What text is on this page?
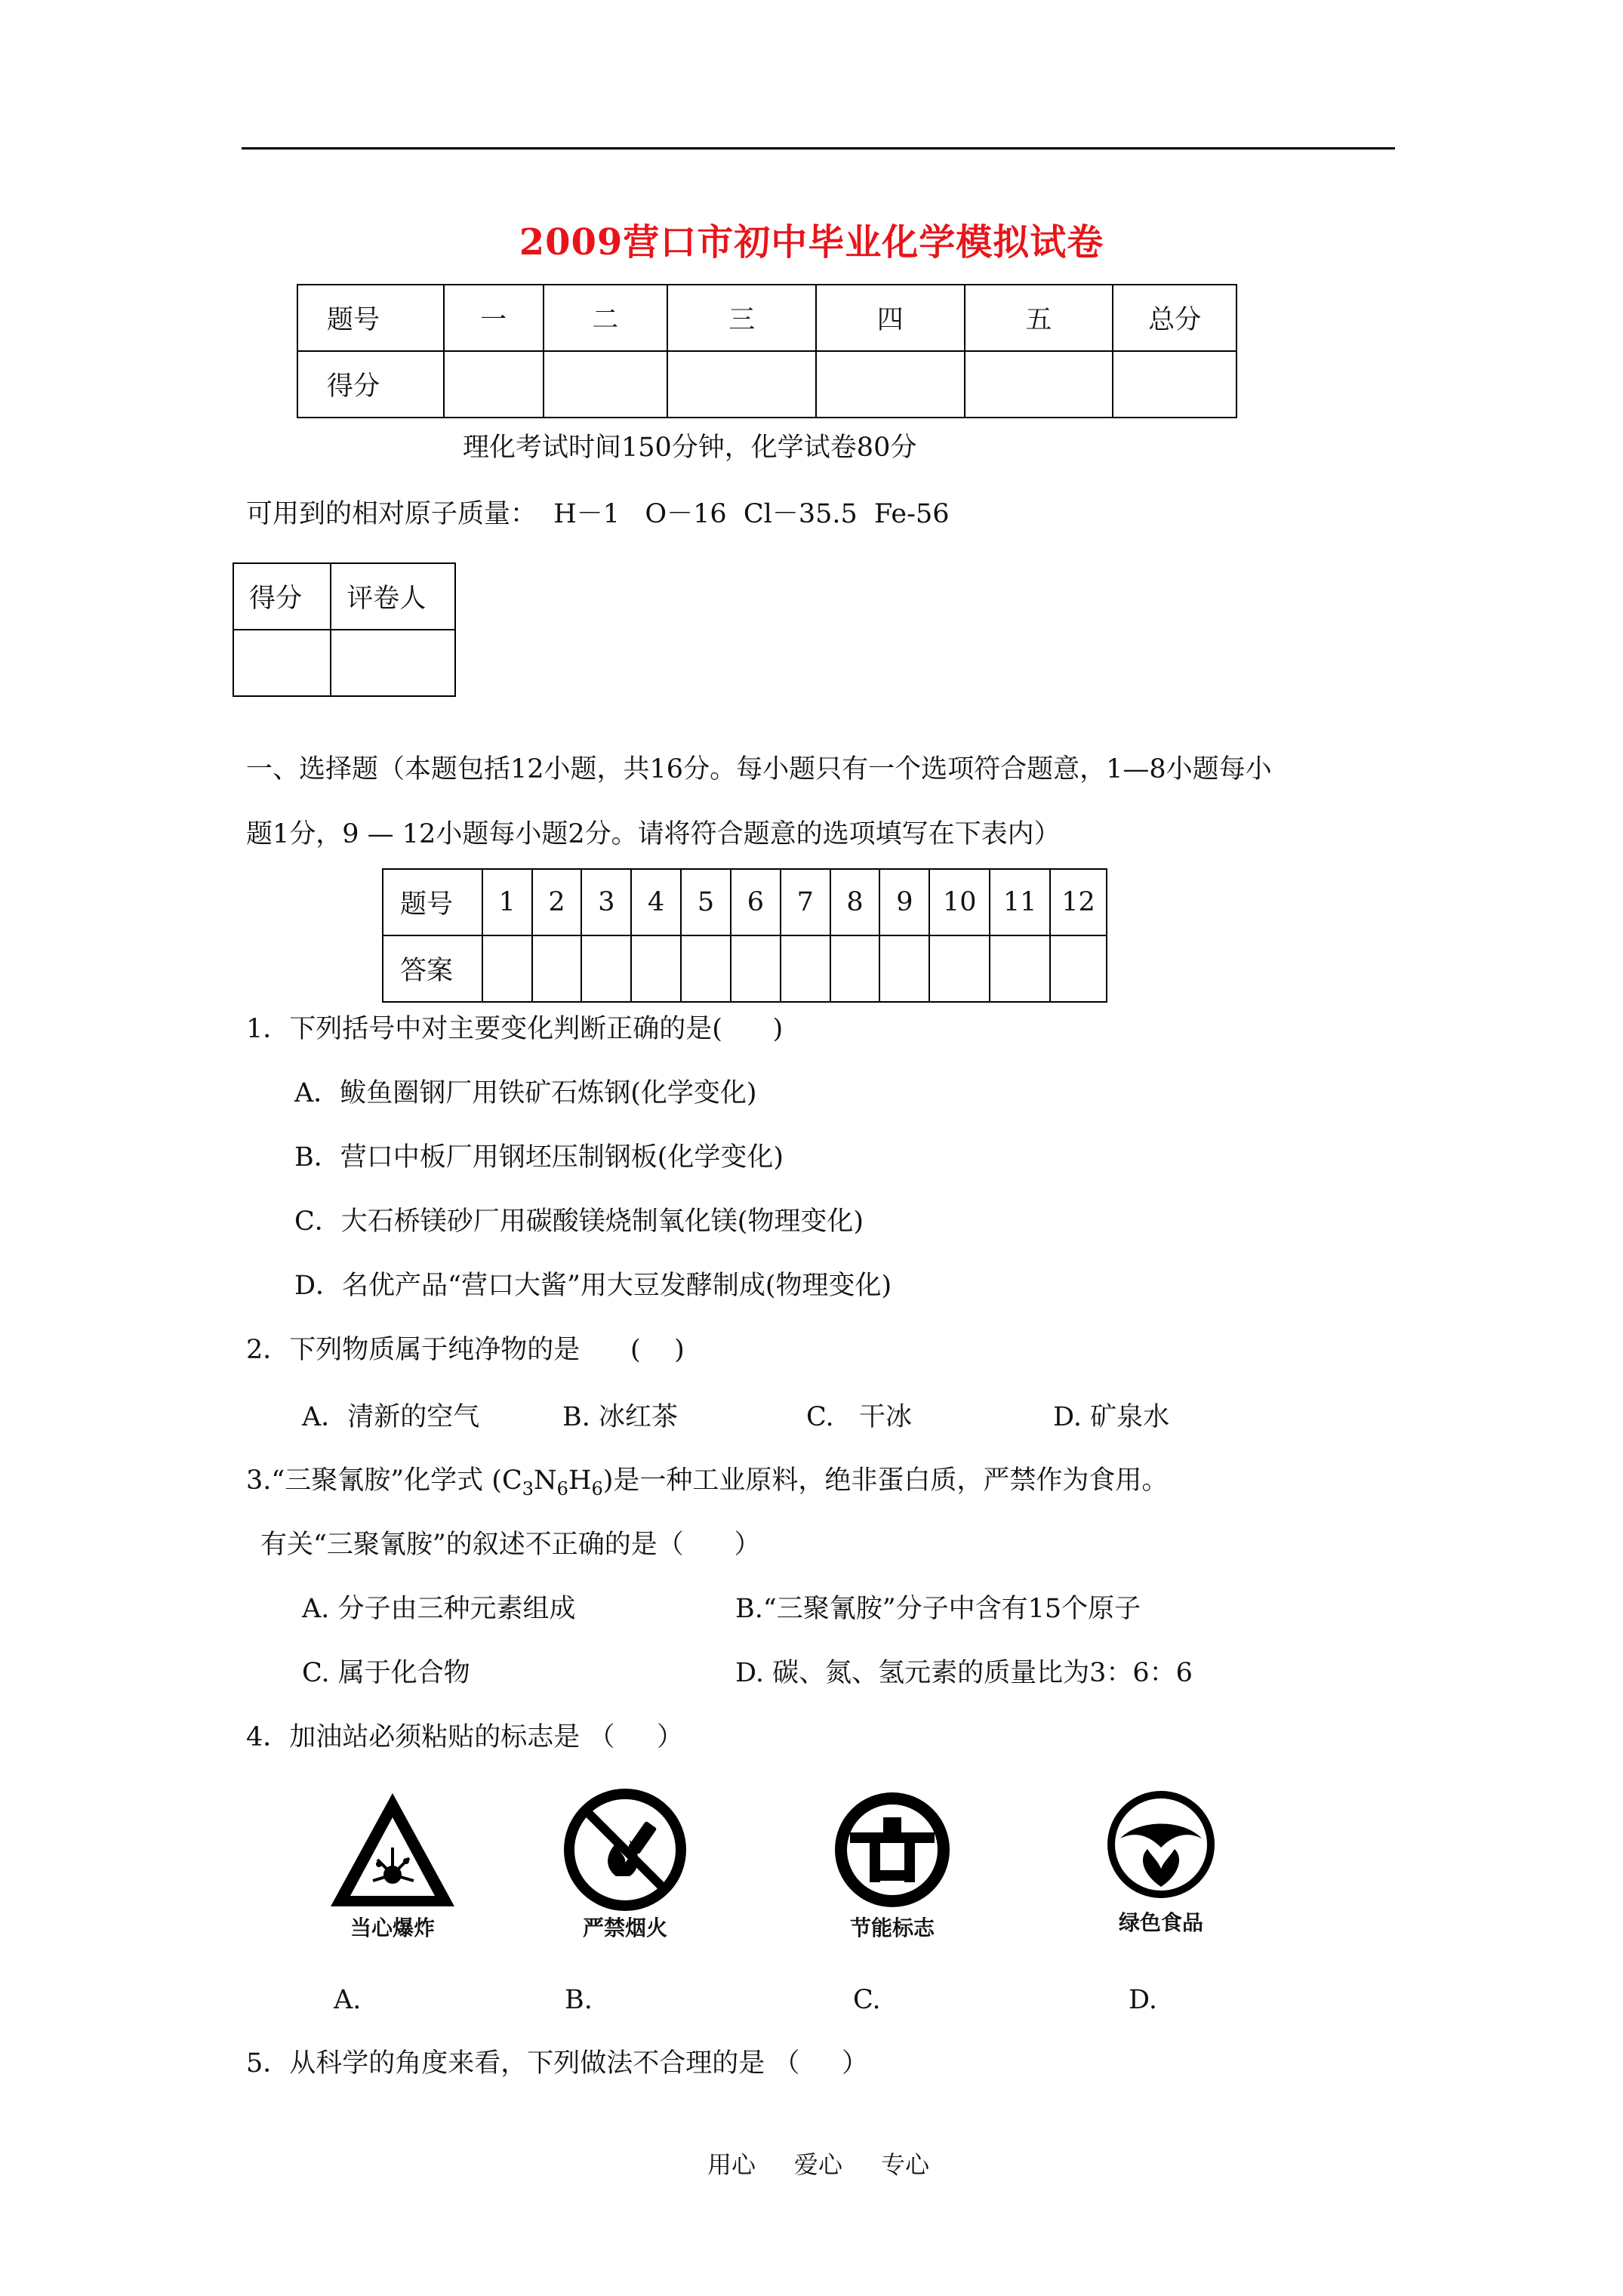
2009营口市初中毕业化学模拟试卷
题号	一	二	三	四	五	总分
得分						
理化考试时间150分钟，化学试卷80分
可用到的相对原子质量：  H－1   O－16  Cl－35.5  Fe-56
得分	评卷人

一、选择题（本题包括12小题，共16分。每小题只有一个选项符合题意，1—8小题每小
题1分，9 — 12小题每小题2分。请将符合题意的选项填写在下表内）
题号	1	2	3	4	5	6	7	8	9	10	11	12
答案												
1．下列括号中对主要变化判断正确的是(      )
A．鲅鱼圈钢厂用铁矿石炼钢(化学变化)
B．营口中板厂用钢坯压制钢板(化学变化)
C．大石桥镁砂厂用碳酸镁烧制氧化镁(物理变化)
D．名优产品“营口大酱”用大豆发酵制成(物理变化)
2．下列物质属于纯净物的是      (    )
A．清新的空气	B. 冰红茶	C.   干冰	D. 矿泉水
3.“三聚氰胺”化学式 $(C_3N_6H_6)$是一种工业原料，绝非蛋白质，严禁作为食用。
有关“三聚氰胺”的叙述不正确的是（      ）
A. 分子由三种元素组成	B.“三聚氰胺”分子中含有15个原子
C. 属于化合物	D. 碳、氮、氢元素的质量比为3：6：6
4．加油站必须粘贴的标志是 （     ）
当心爆炸	严禁烟火	节能标志	绿色食品
A.	B.	C.	D.
5．从科学的角度来看，下列做法不合理的是 （     ）
用心 爱心 专心
